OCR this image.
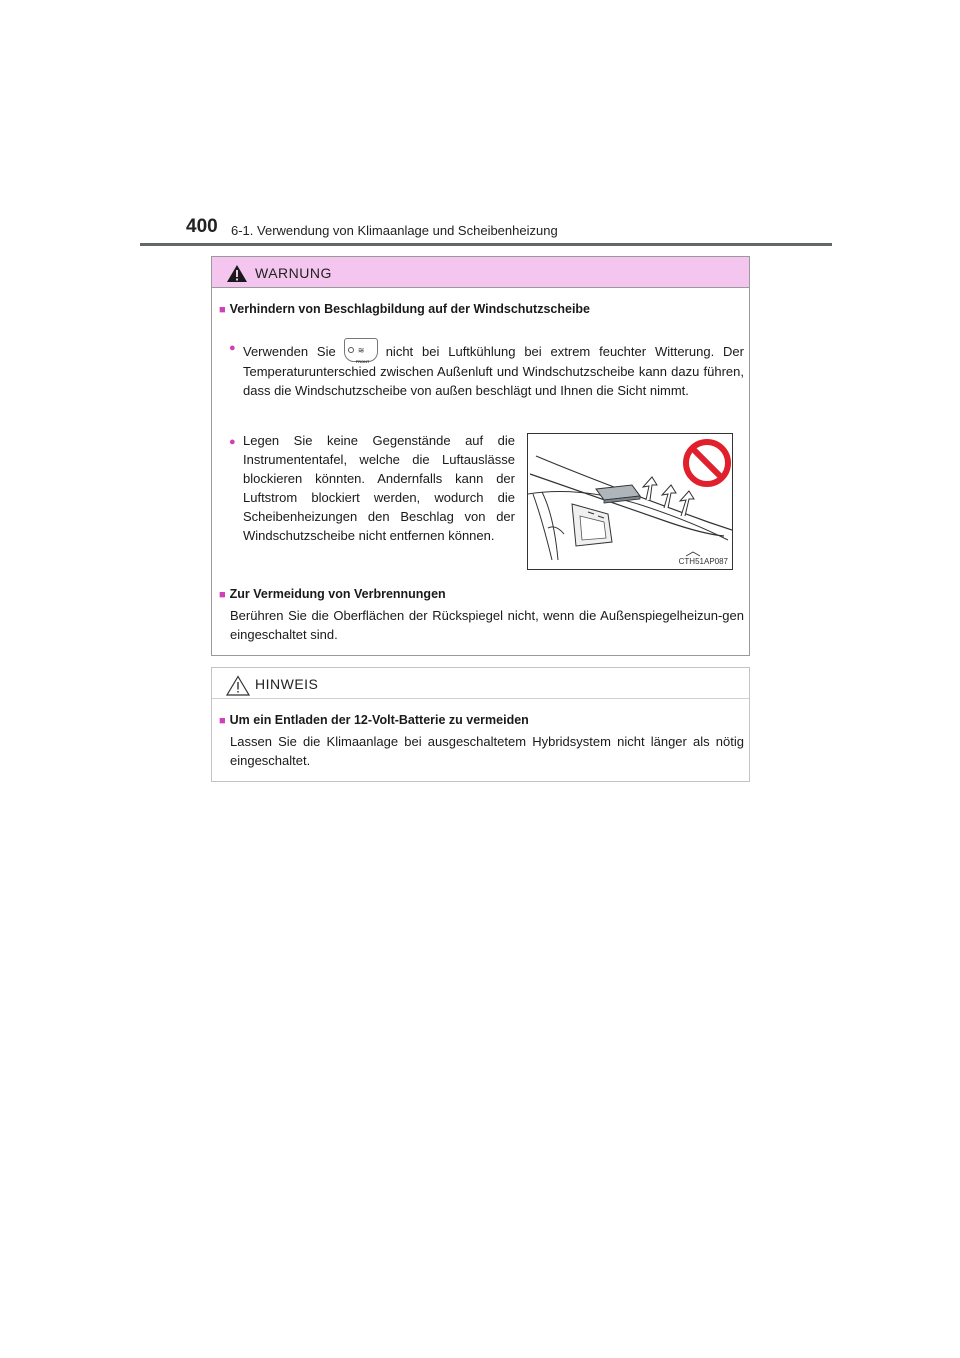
400 6-1. Verwendung von Klimaanlage und Scheibenheizung
WARNUNG
■ Verhindern von Beschlagbildung auf der Windschutzscheibe
● Verwenden Sie	≋
FRONT
nicht bei Luftkühlung bei extrem feuchter Witterung. Der Temperaturunterschied zwischen Außenluft und Windschutzscheibe kann dazu führen, dass die Windschutzscheibe von außen beschlägt und Ihnen die Sicht nimmt.
● Legen Sie keine Gegenstände auf die Instrumententafel, welche die Luftauslässe blockieren könnten. Andernfalls kann der Luftstrom blockiert werden, wodurch die Scheibenheizungen den Beschlag von der Windschutzscheibe nicht entfernen können.
CTH51AP087
■ Zur Vermeidung von Verbrennungen
Berühren Sie die Oberflächen der Rückspiegel nicht, wenn die Außenspiegelheizun-gen eingeschaltet sind.
HINWEIS
■ Um ein Entladen der 12-Volt-Batterie zu vermeiden
Lassen Sie die Klimaanlage bei ausgeschaltetem Hybridsystem nicht länger als nötig eingeschaltet.
